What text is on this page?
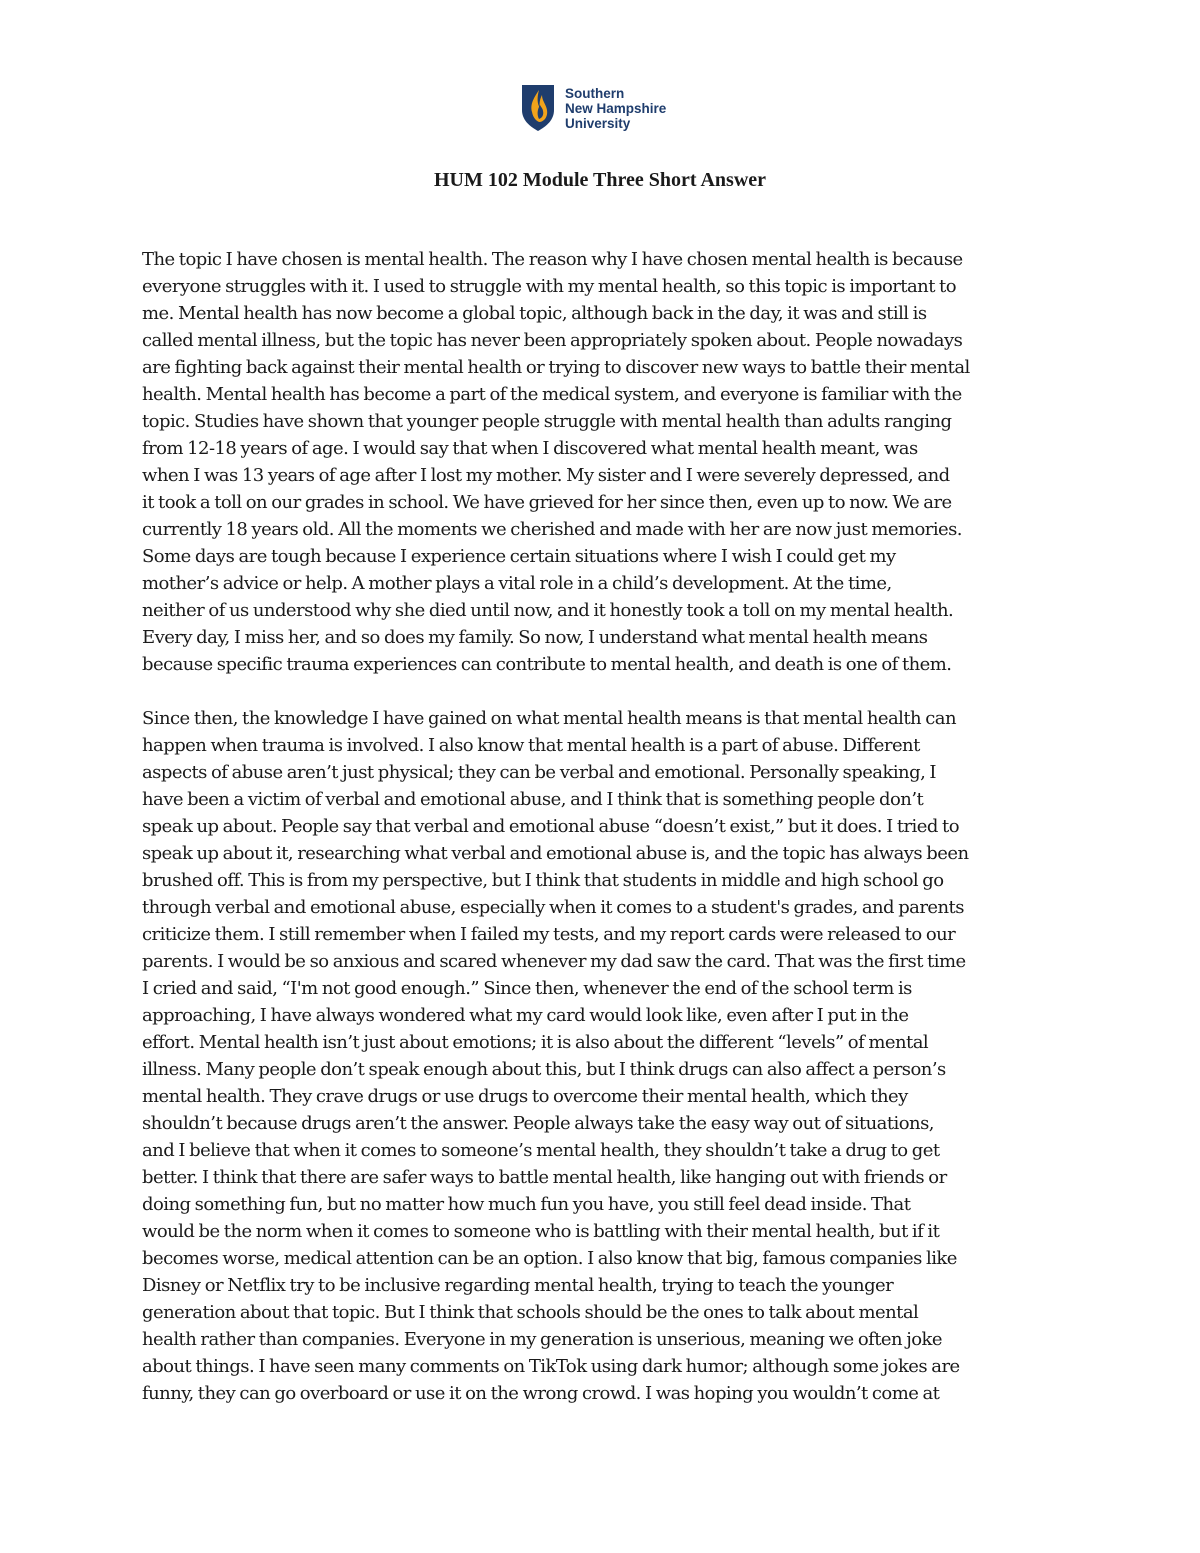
Southern
New Hampshire
University
HUM 102 Module Three Short Answer
The topic I have chosen is mental health. The reason why I have chosen mental health is because
everyone struggles with it. I used to struggle with my mental health, so this topic is important to
me. Mental health has now become a global topic, although back in the day, it was and still is
called mental illness, but the topic has never been appropriately spoken about. People nowadays
are fighting back against their mental health or trying to discover new ways to battle their mental
health. Mental health has become a part of the medical system, and everyone is familiar with the
topic. Studies have shown that younger people struggle with mental health than adults ranging
from 12-18 years of age. I would say that when I discovered what mental health meant, was
when I was 13 years of age after I lost my mother. My sister and I were severely depressed, and
it took a toll on our grades in school. We have grieved for her since then, even up to now. We are
currently 18 years old. All the moments we cherished and made with her are now just memories.
Some days are tough because I experience certain situations where I wish I could get my
mother’s advice or help. A mother plays a vital role in a child’s development. At the time,
neither of us understood why she died until now, and it honestly took a toll on my mental health.
Every day, I miss her, and so does my family. So now, I understand what mental health means
because specific trauma experiences can contribute to mental health, and death is one of them.
Since then, the knowledge I have gained on what mental health means is that mental health can
happen when trauma is involved. I also know that mental health is a part of abuse. Different
aspects of abuse aren’t just physical; they can be verbal and emotional. Personally speaking, I
have been a victim of verbal and emotional abuse, and I think that is something people don’t
speak up about. People say that verbal and emotional abuse “doesn’t exist,” but it does. I tried to
speak up about it, researching what verbal and emotional abuse is, and the topic has always been
brushed off. This is from my perspective, but I think that students in middle and high school go
through verbal and emotional abuse, especially when it comes to a student's grades, and parents
criticize them. I still remember when I failed my tests, and my report cards were released to our
parents. I would be so anxious and scared whenever my dad saw the card. That was the first time
I cried and said, “I'm not good enough.” Since then, whenever the end of the school term is
approaching, I have always wondered what my card would look like, even after I put in the
effort. Mental health isn’t just about emotions; it is also about the different “levels” of mental
illness. Many people don’t speak enough about this, but I think drugs can also affect a person’s
mental health. They crave drugs or use drugs to overcome their mental health, which they
shouldn’t because drugs aren’t the answer. People always take the easy way out of situations,
and I believe that when it comes to someone’s mental health, they shouldn’t take a drug to get
better. I think that there are safer ways to battle mental health, like hanging out with friends or
doing something fun, but no matter how much fun you have, you still feel dead inside. That
would be the norm when it comes to someone who is battling with their mental health, but if it
becomes worse, medical attention can be an option. I also know that big, famous companies like
Disney or Netflix try to be inclusive regarding mental health, trying to teach the younger
generation about that topic. But I think that schools should be the ones to talk about mental
health rather than companies. Everyone in my generation is unserious, meaning we often joke
about things. I have seen many comments on TikTok using dark humor; although some jokes are
funny, they can go overboard or use it on the wrong crowd. I was hoping you wouldn’t come at
